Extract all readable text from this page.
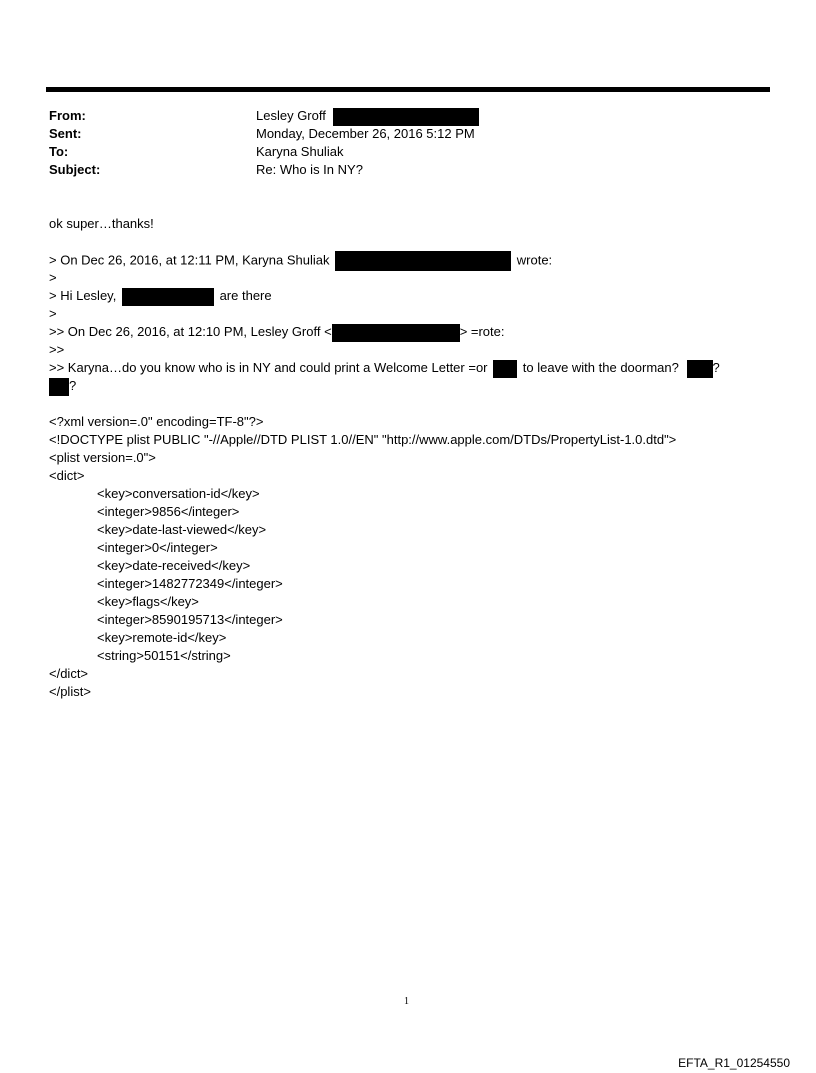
From:	Lesley Groff
Sent:	Monday, December 26, 2016 5:12 PM
To:	Karyna Shuliak
Subject:	Re: Who is In NY?
ok super…thanks!
> On Dec 26, 2016, at 12:11 PM, Karyna Shuliak	wrote:
>
> Hi Lesley,	are there
>
>> On Dec 26, 2016, at 12:10 PM, Lesley Groff <	> =rote:
>>
>> Karyna…do you know who is in NY and could print a Welcome Letter =or	to leave with the doorman?	?
?
<?xml version=.0" encoding=TF-8"?>
<!DOCTYPE plist PUBLIC "-//Apple//DTD PLIST 1.0//EN" "http://www.apple.com/DTDs/PropertyList-1.0.dtd">
<plist version=.0">
<dict>
<key>conversation-id</key>
<integer>9856</integer>
<key>date-last-viewed</key>
<integer>0</integer>
<key>date-received</key>
<integer>1482772349</integer>
<key>flags</key>
<integer>8590195713</integer>
<key>remote-id</key>
<string>50151</string>
</dict>
</plist>
1
EFTA_R1_01254550
